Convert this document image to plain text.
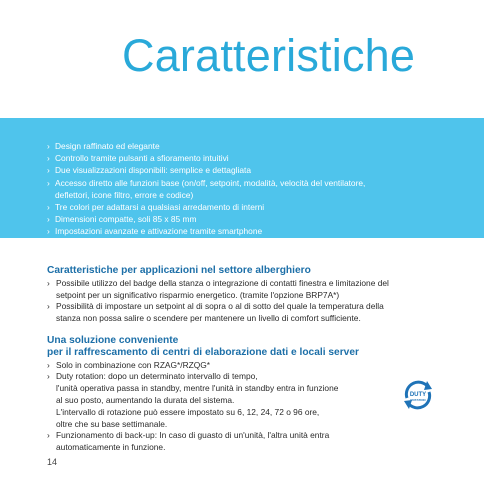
Caratteristiche
› Design raffinato ed elegante
› Controllo tramite pulsanti a sfioramento intuitivi
› Due visualizzazioni disponibili: semplice e dettagliata
› Accesso diretto alle funzioni base (on/off, setpoint, modalità, velocità del ventilatore,
deflettori, icone filtro, errore e codice)
› Tre colori per adattarsi a qualsiasi arredamento di interni
› Dimensioni compatte, soli 85 x 85 mm
› Impostazioni avanzate e attivazione tramite smartphone
Caratteristiche per applicazioni nel settore alberghiero
› Possibile utilizzo del badge della stanza o integrazione di contatti finestra e limitazione del
setpoint per un significativo risparmio energetico. (tramite l'opzione BRP7A*)
› Possibilità di impostare un setpoint al di sopra o al di sotto del quale la temperatura della
stanza non possa salire o scendere per mantenere un livello di comfort sufficiente.
Una soluzione conveniente
per il raffrescamento di centri di elaborazione dati e locali server
› Solo in combinazione con RZAG*/RZQG*
› Duty rotation: dopo un determinato intervallo di tempo,
l'unità operativa passa in standby, mentre l'unità in standby entra in funzione
al suo posto, aumentando la durata del sistema.
L'intervallo di rotazione può essere impostato su 6, 12, 24, 72 o 96 ore,
oltre che su base settimanale.
› Funzionamento di back-up: In caso di guasto di un'unità, l'altra unità entra
automaticamente in funzione.
DUTY
ROTATION
14
